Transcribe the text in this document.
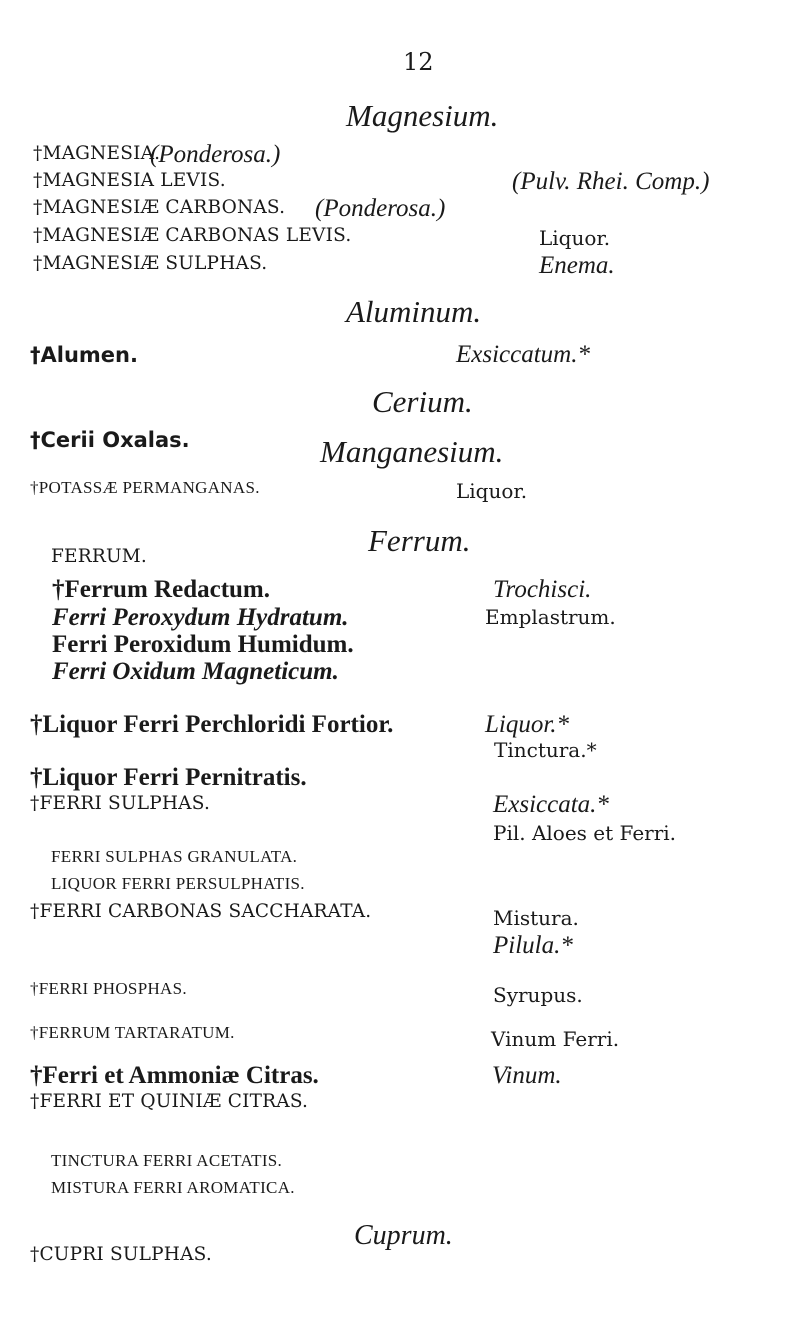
12
Magnesium.
†MAGNESIA.
(Ponderosa.)
†MAGNESIA LEVIS.	(Pulv. Rhei. Comp.)
†MAGNESIÆ CARBONAS. (Ponderosa.)
†MAGNESIÆ CARBONAS LEVIS.	Liquor.
†MAGNESIÆ SULPHAS.	Enema.
Aluminum.
†Alumen.	Exsiccatum.*
Cerium.
†Cerii Oxalas.	Manganesium.
†POTASSÆ PERMANGANAS.	Liquor.
Ferrum.
FERRUM.
†Ferrum Redactum.	Trochisci.
Ferri Peroxydum Hydratum.	Emplastrum.
Ferri Peroxidum Humidum.
Ferri Oxidum Magneticum.
†Liquor Ferri Perchloridi Fortior.	Liquor.*
Tinctura.*
†Liquor Ferri Pernitratis.
†FERRI SULPHAS.	Exsiccata.*
Pil. Aloes et Ferri.
FERRI SULPHAS GRANULATA.
LIQUOR FERRI PERSULPHATIS.
†FERRI CARBONAS SACCHARATA.	Mistura.
Pilula.*
†FERRI PHOSPHAS.	Syrupus.
†FERRUM TARTARATUM.	Vinum Ferri.
†Ferri et Ammoniæ Citras.	Vinum.
†FERRI ET QUINIÆ CITRAS.
TINCTURA FERRI ACETATIS.
MISTURA FERRI AROMATICA.
Cuprum.
†CUPRI SULPHAS.
